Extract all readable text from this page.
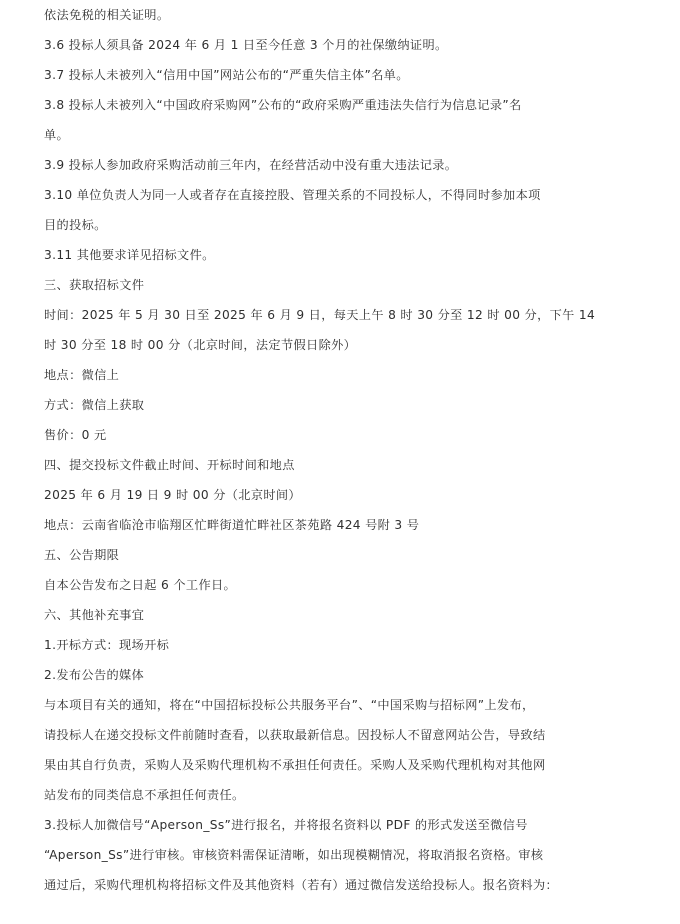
依法免税的相关证明。
3.6 投标人须具备 2024 年 6 月 1 日至今任意 3 个月的社保缴纳证明。
3.7 投标人未被列入“信用中国”网站公布的“严重失信主体”名单。
3.8 投标人未被列入“中国政府采购网”公布的“政府采购严重违法失信行为信息记录”名
单。
3.9 投标人参加政府采购活动前三年内，在经营活动中没有重大违法记录。
3.10 单位负责人为同一人或者存在直接控股、管理关系的不同投标人，不得同时参加本项
目的投标。
3.11 其他要求详见招标文件。
三、获取招标文件
时间：2025 年 5 月 30 日至 2025 年 6 月 9 日，每天上午 8 时 30 分至 12 时 00 分，下午 14
时 30 分至 18 时 00 分（北京时间，法定节假日除外）
地点：微信上
方式：微信上获取
售价：0 元
四、提交投标文件截止时间、开标时间和地点
2025 年 6 月 19 日 9 时 00 分（北京时间）
地点：云南省临沧市临翔区忙畔街道忙畔社区茶苑路 424 号附 3 号
五、公告期限
自本公告发布之日起 6 个工作日。
六、其他补充事宜
1.开标方式：现场开标
2.发布公告的媒体
与本项目有关的通知，将在“中国招标投标公共服务平台”、“中国采购与招标网”上发布，
请投标人在递交投标文件前随时查看，以获取最新信息。因投标人不留意网站公告，导致结
果由其自行负责，采购人及采购代理机构不承担任何责任。采购人及采购代理机构对其他网
站发布的同类信息不承担任何责任。
3.投标人加微信号“Aperson_Ss”进行报名，并将报名资料以 PDF 的形式发送至微信号
“Aperson_Ss”进行审核。审核资料需保证清晰，如出现模糊情况，将取消报名资格。审核
通过后，采购代理机构将招标文件及其他资料（若有）通过微信发送给投标人。报名资料为：
